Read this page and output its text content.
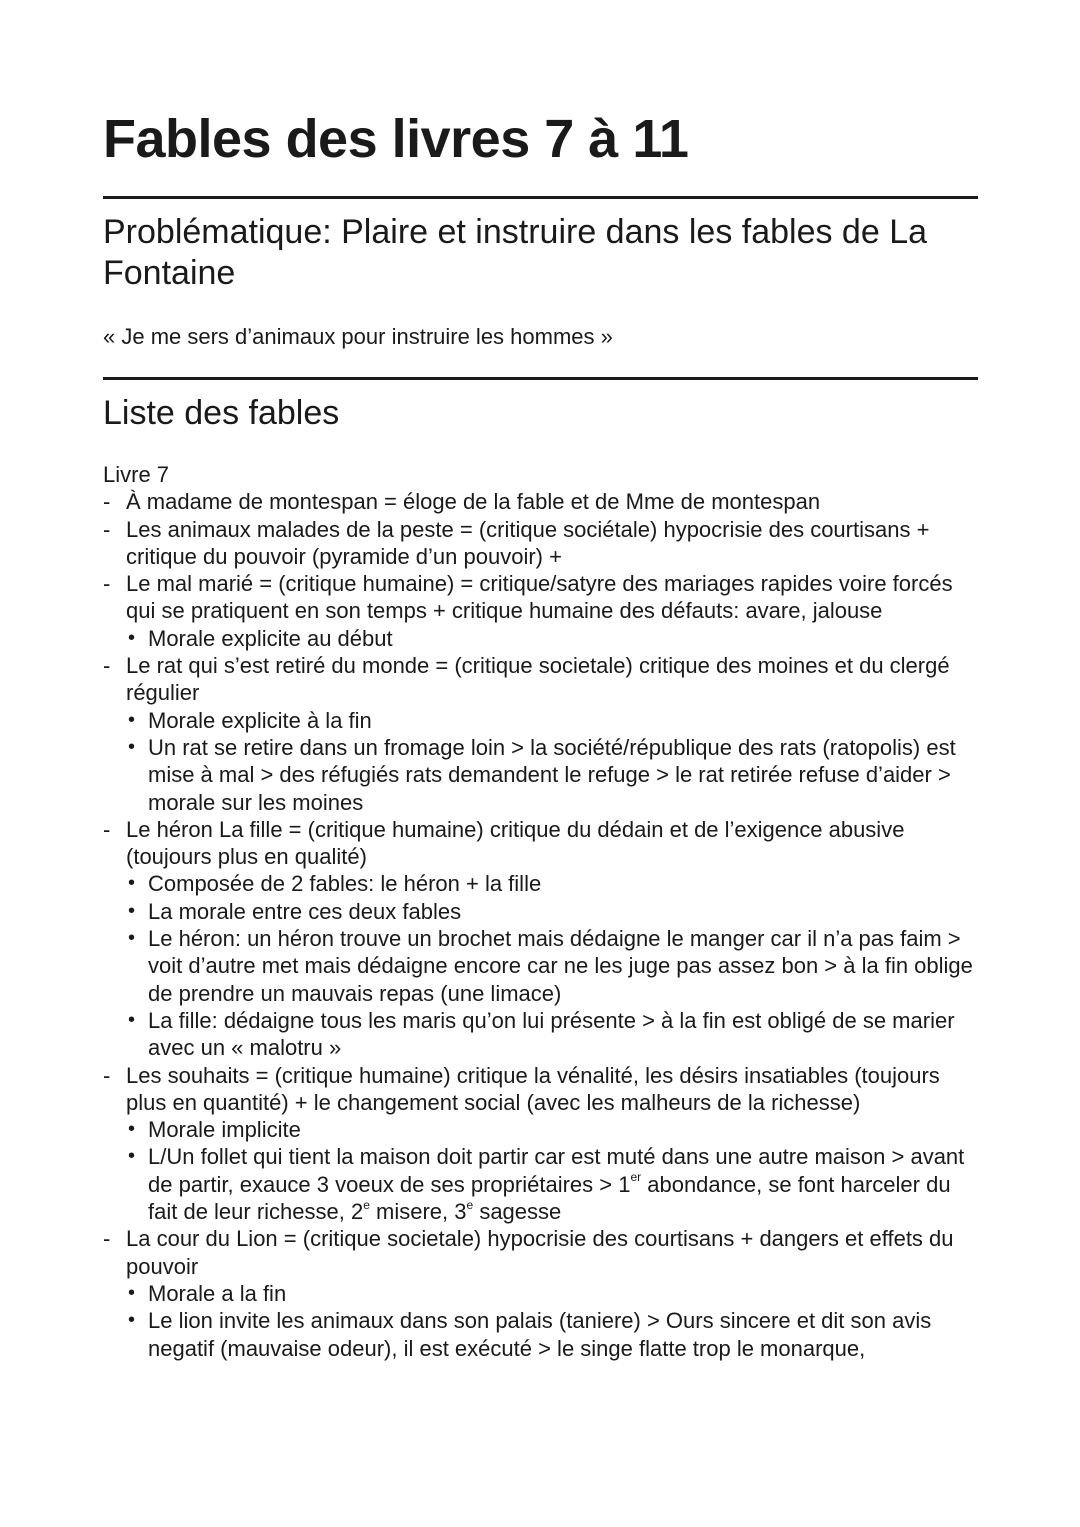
Fables des livres 7 à 11
Problématique: Plaire et instruire dans les fables de La Fontaine
« Je me sers d’animaux pour instruire les hommes »
Liste des fables
Livre 7
- À madame de montespan = éloge de la fable et de Mme de montespan
- Les animaux malades de la peste = (critique sociétale) hypocrisie des courtisans + critique du pouvoir (pyramide d’un pouvoir) +
- Le mal marié = (critique humaine) = critique/satyre des mariages rapides voire forcés qui se pratiquent en son temps + critique humaine des défauts: avare, jalouse
• Morale explicite au début
- Le rat qui s’est retiré du monde = (critique societale) critique des moines et du clergé régulier
• Morale explicite à la fin
• Un rat se retire dans un fromage loin > la société/république des rats (ratopolis) est mise à mal > des réfugiés rats demandent le refuge > le rat retirée refuse d’aider > morale sur les moines
- Le héron La fille = (critique humaine) critique du dédain et de l’exigence abusive (toujours plus en qualité)
• Composée de 2 fables: le héron + la fille
• La morale entre ces deux fables
• Le héron: un héron trouve un brochet mais dédaigne le manger car il n’a pas faim > voit d’autre met mais dédaigne encore car ne les juge pas assez bon > à la fin oblige de prendre un mauvais repas (une limace)
• La fille: dédaigne tous les maris qu’on lui présente > à la fin est obligé de se marier avec un « malotru »
- Les souhaits = (critique humaine) critique la vénalité, les désirs insatiables (toujours plus en quantité) + le changement social (avec les malheurs de la richesse)
• Morale implicite
• L/Un follet qui tient la maison doit partir car est muté dans une autre maison > avant de partir, exauce 3 voeux de ses propriétaires > 1er abondance, se font harceler du fait de leur richesse, 2e misere, 3e sagesse
- La cour du Lion = (critique societale) hypocrisie des courtisans + dangers et effets du pouvoir
• Morale a la fin
• Le lion invite les animaux dans son palais (taniere) > Ours sincere et dit son avis negatif (mauvaise odeur), il est exécuté > le singe flatte trop le monarque,
